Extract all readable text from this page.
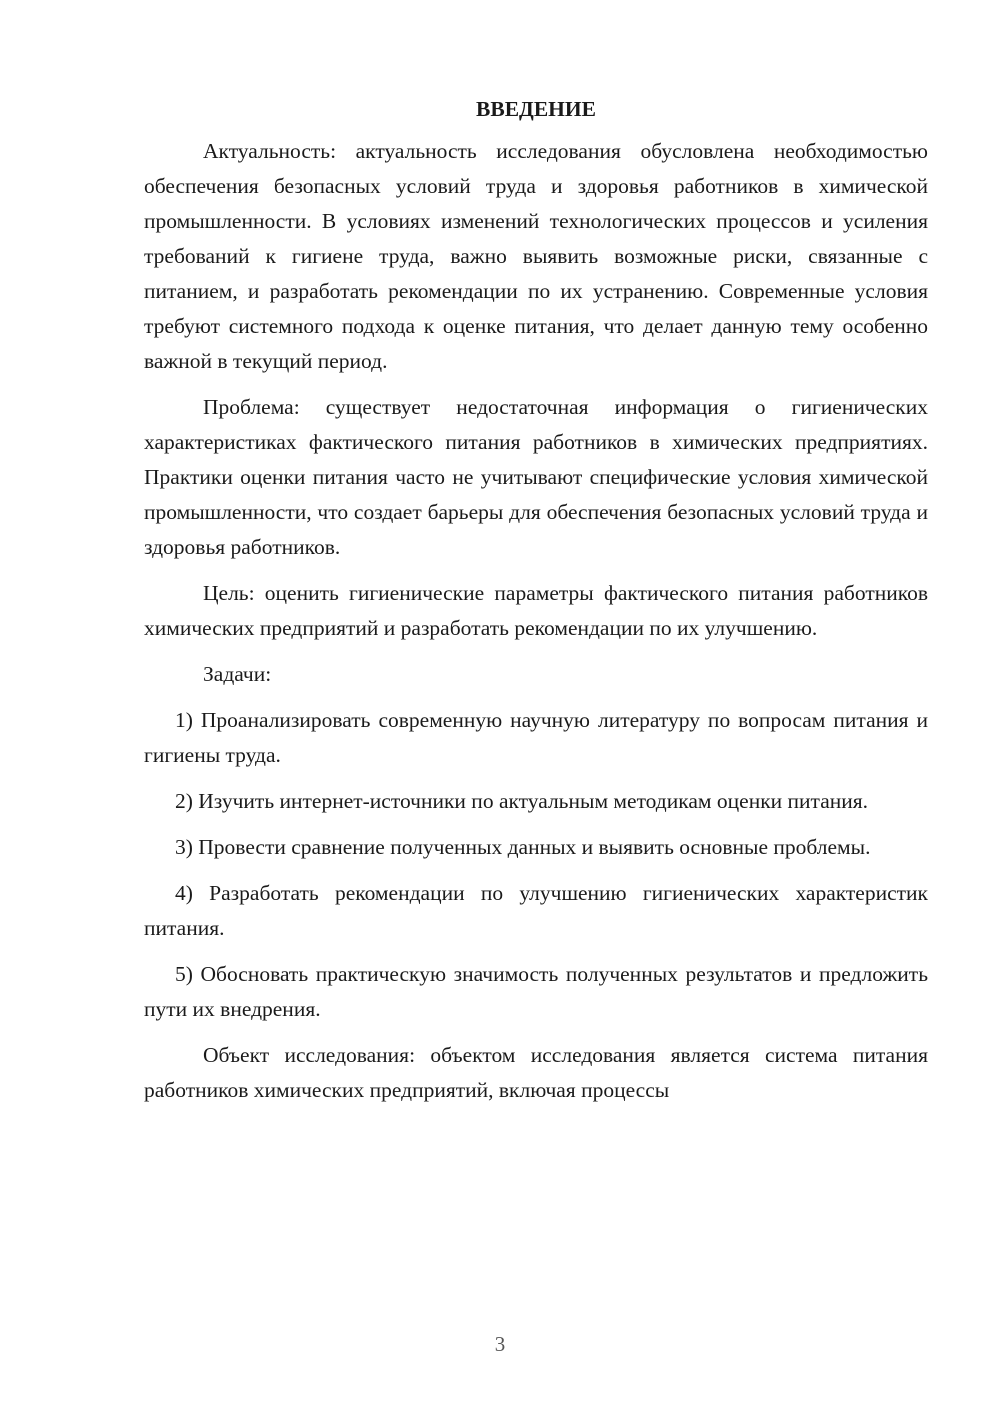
ВВЕДЕНИЕ

Актуальность: актуальность исследования обусловлена необходимостью обеспечения безопасных условий труда и здоровья работников в химической промышленности. В условиях изменений технологических процессов и усиления требований к гигиене труда, важно выявить возможные риски, связанные с питанием, и разработать рекомендации по их устранению. Современные условия требуют системного подхода к оценке питания, что делает данную тему особенно важной в текущий период.

Проблема: существует недостаточная информация о гигиенических характеристиках фактического питания работников в химических предприятиях. Практики оценки питания часто не учитывают специфические условия химической промышленности, что создает барьеры для обеспечения безопасных условий труда и здоровья работников.

Цель: оценить гигиенические параметры фактического питания работников химических предприятий и разработать рекомендации по их улучшению.

Задачи:

1) Проанализировать современную научную литературу по вопросам питания и гигиены труда.

2) Изучить интернет-источники по актуальным методикам оценки питания.

3) Провести сравнение полученных данных и выявить основные проблемы.

4) Разработать рекомендации по улучшению гигиенических характеристик питания.

5) Обосновать практическую значимость полученных результатов и предложить пути их внедрения.

Объект исследования: объектом исследования является система питания работников химических предприятий, включая процессы

3
